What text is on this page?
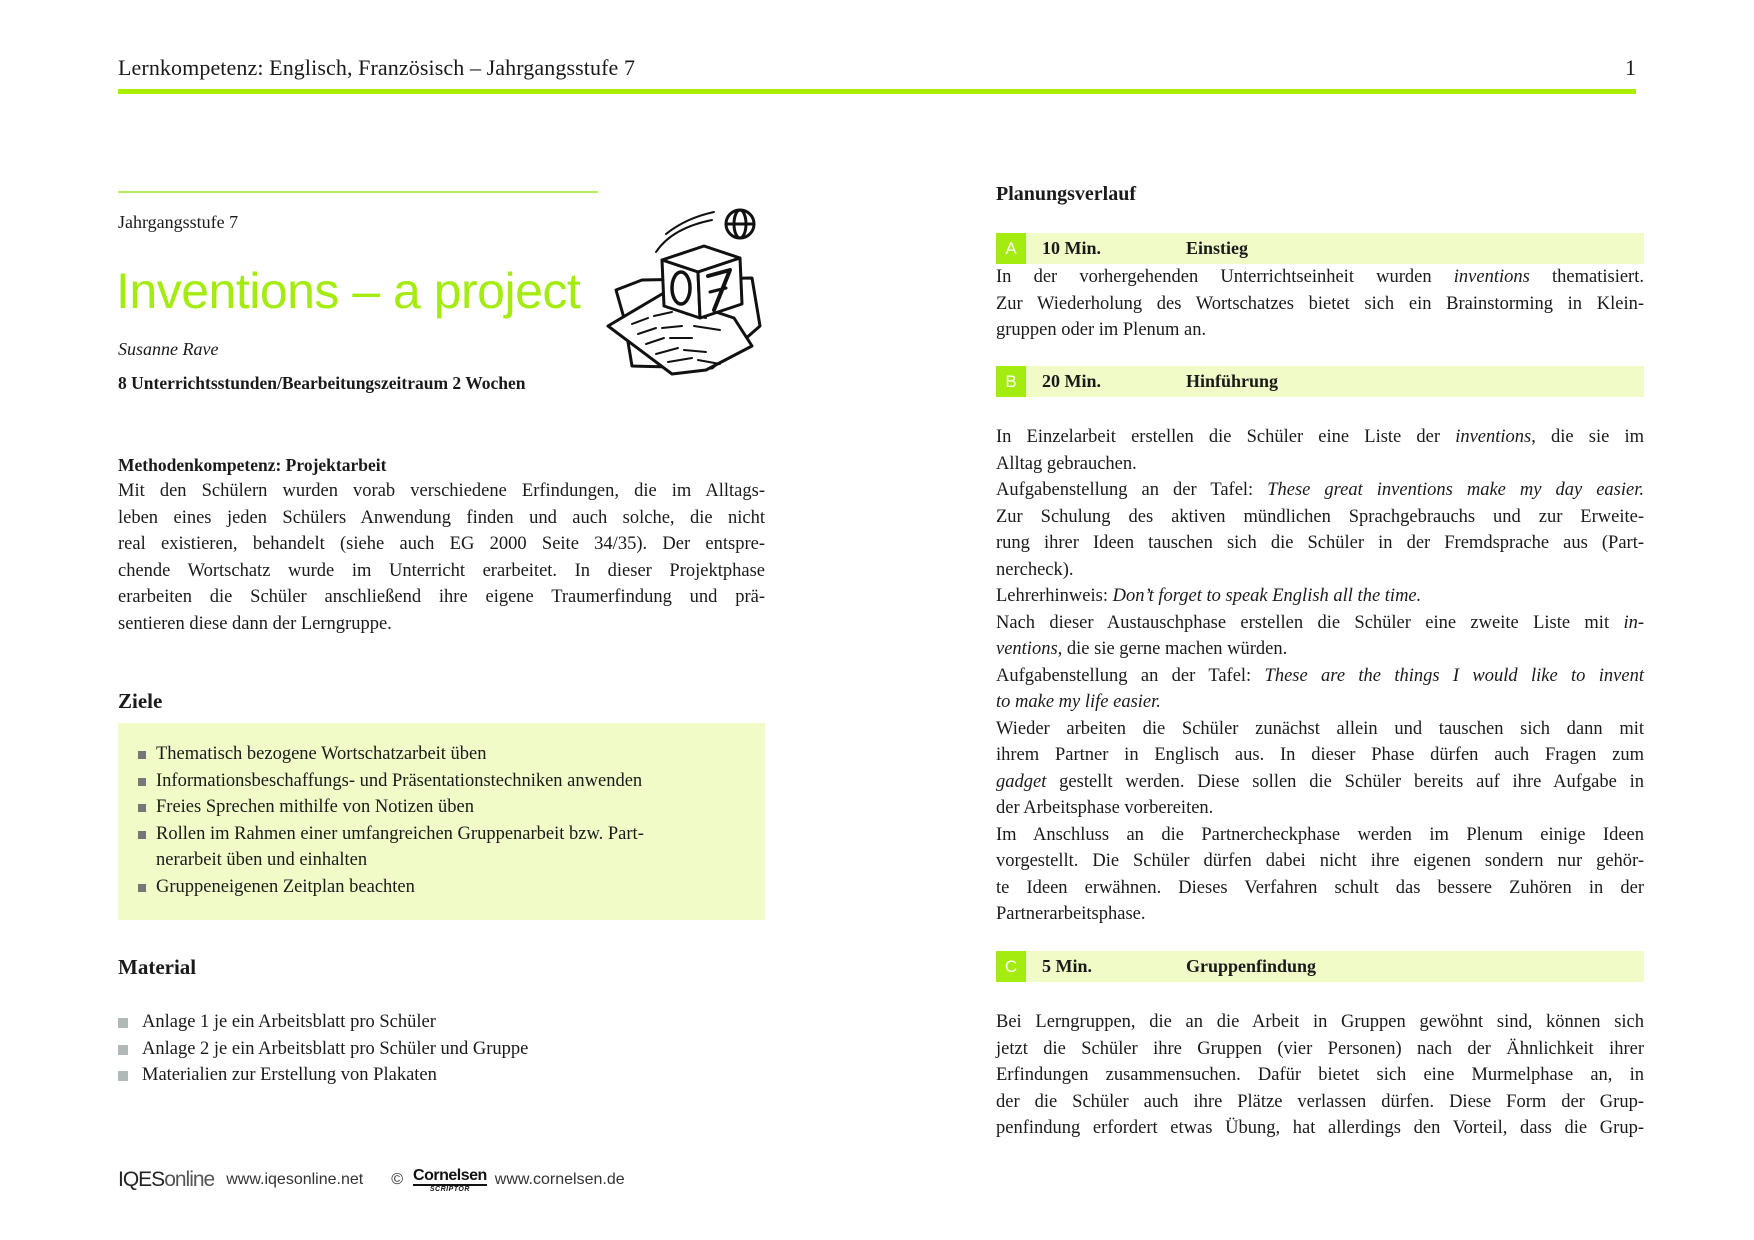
Lernkompetenz: Englisch, Französisch – Jahrgangsstufe 7	1
Jahrgangsstufe 7
Inventions – a project
Susanne Rave
8 Unterrichtsstunden/Bearbeitungszeitraum 2 Wochen
Methodenkompetenz: Projektarbeit
Mit den Schülern wurden vorab verschiedene Erfindungen, die im Alltags-
leben eines jeden Schülers Anwendung finden und auch solche, die nicht
real existieren, behandelt (siehe auch EG 2000 Seite 34/35). Der entspre-
chende Wortschatz wurde im Unterricht erarbeitet. In dieser Projektphase
erarbeiten die Schüler anschließend ihre eigene Traumerfindung und prä-
sentieren diese dann der Lerngruppe.
Ziele
Thematisch bezogene Wortschatzarbeit üben
Informationsbeschaffungs- und Präsentationstechniken anwenden
Freies Sprechen mithilfe von Notizen üben
Rollen im Rahmen einer umfangreichen Gruppenarbeit bzw. Part-
nerarbeit üben und einhalten
Gruppeneigenen Zeitplan beachten
Material
Anlage 1 je ein Arbeitsblatt pro Schüler
Anlage 2 je ein Arbeitsblatt pro Schüler und Gruppe
Materialien zur Erstellung von Plakaten
IQESonline www.iqesonline.net © Cornelsen
SCRIPTOR
www.cornelsen.de
Planungsverlauf
A	10 Min.	Einstieg
In der vorhergehenden Unterrichtseinheit wurden inventions thematisiert.
Zur Wiederholung des Wortschatzes bietet sich ein Brainstorming in Klein-
gruppen oder im Plenum an.
B	20 Min.	Hinführung
In Einzelarbeit erstellen die Schüler eine Liste der inventions, die sie im
Alltag gebrauchen.
Aufgabenstellung an der Tafel: These great inventions make my day easier.
Zur Schulung des aktiven mündlichen Sprachgebrauchs und zur Erweite-
rung ihrer Ideen tauschen sich die Schüler in der Fremdsprache aus (Part-
nercheck).
Lehrerhinweis: Don’t forget to speak English all the time.
Nach dieser Austauschphase erstellen die Schüler eine zweite Liste mit in-
ventions, die sie gerne machen würden.
Aufgabenstellung an der Tafel: These are the things I would like to invent
to make my life easier.
Wieder arbeiten die Schüler zunächst allein und tauschen sich dann mit
ihrem Partner in Englisch aus. In dieser Phase dürfen auch Fragen zum
gadget gestellt werden. Diese sollen die Schüler bereits auf ihre Aufgabe in
der Arbeitsphase vorbereiten.
Im Anschluss an die Partnercheckphase werden im Plenum einige Ideen
vorgestellt. Die Schüler dürfen dabei nicht ihre eigenen sondern nur gehör-
te Ideen erwähnen. Dieses Verfahren schult das bessere Zuhören in der
Partnerarbeitsphase.
C	5 Min.	Gruppenfindung
Bei Lerngruppen, die an die Arbeit in Gruppen gewöhnt sind, können sich
jetzt die Schüler ihre Gruppen (vier Personen) nach der Ähnlichkeit ihrer
Erfindungen zusammensuchen. Dafür bietet sich eine Murmelphase an, in
der die Schüler auch ihre Plätze verlassen dürfen. Diese Form der Grup-
penfindung erfordert etwas Übung, hat allerdings den Vorteil, dass die Grup-
